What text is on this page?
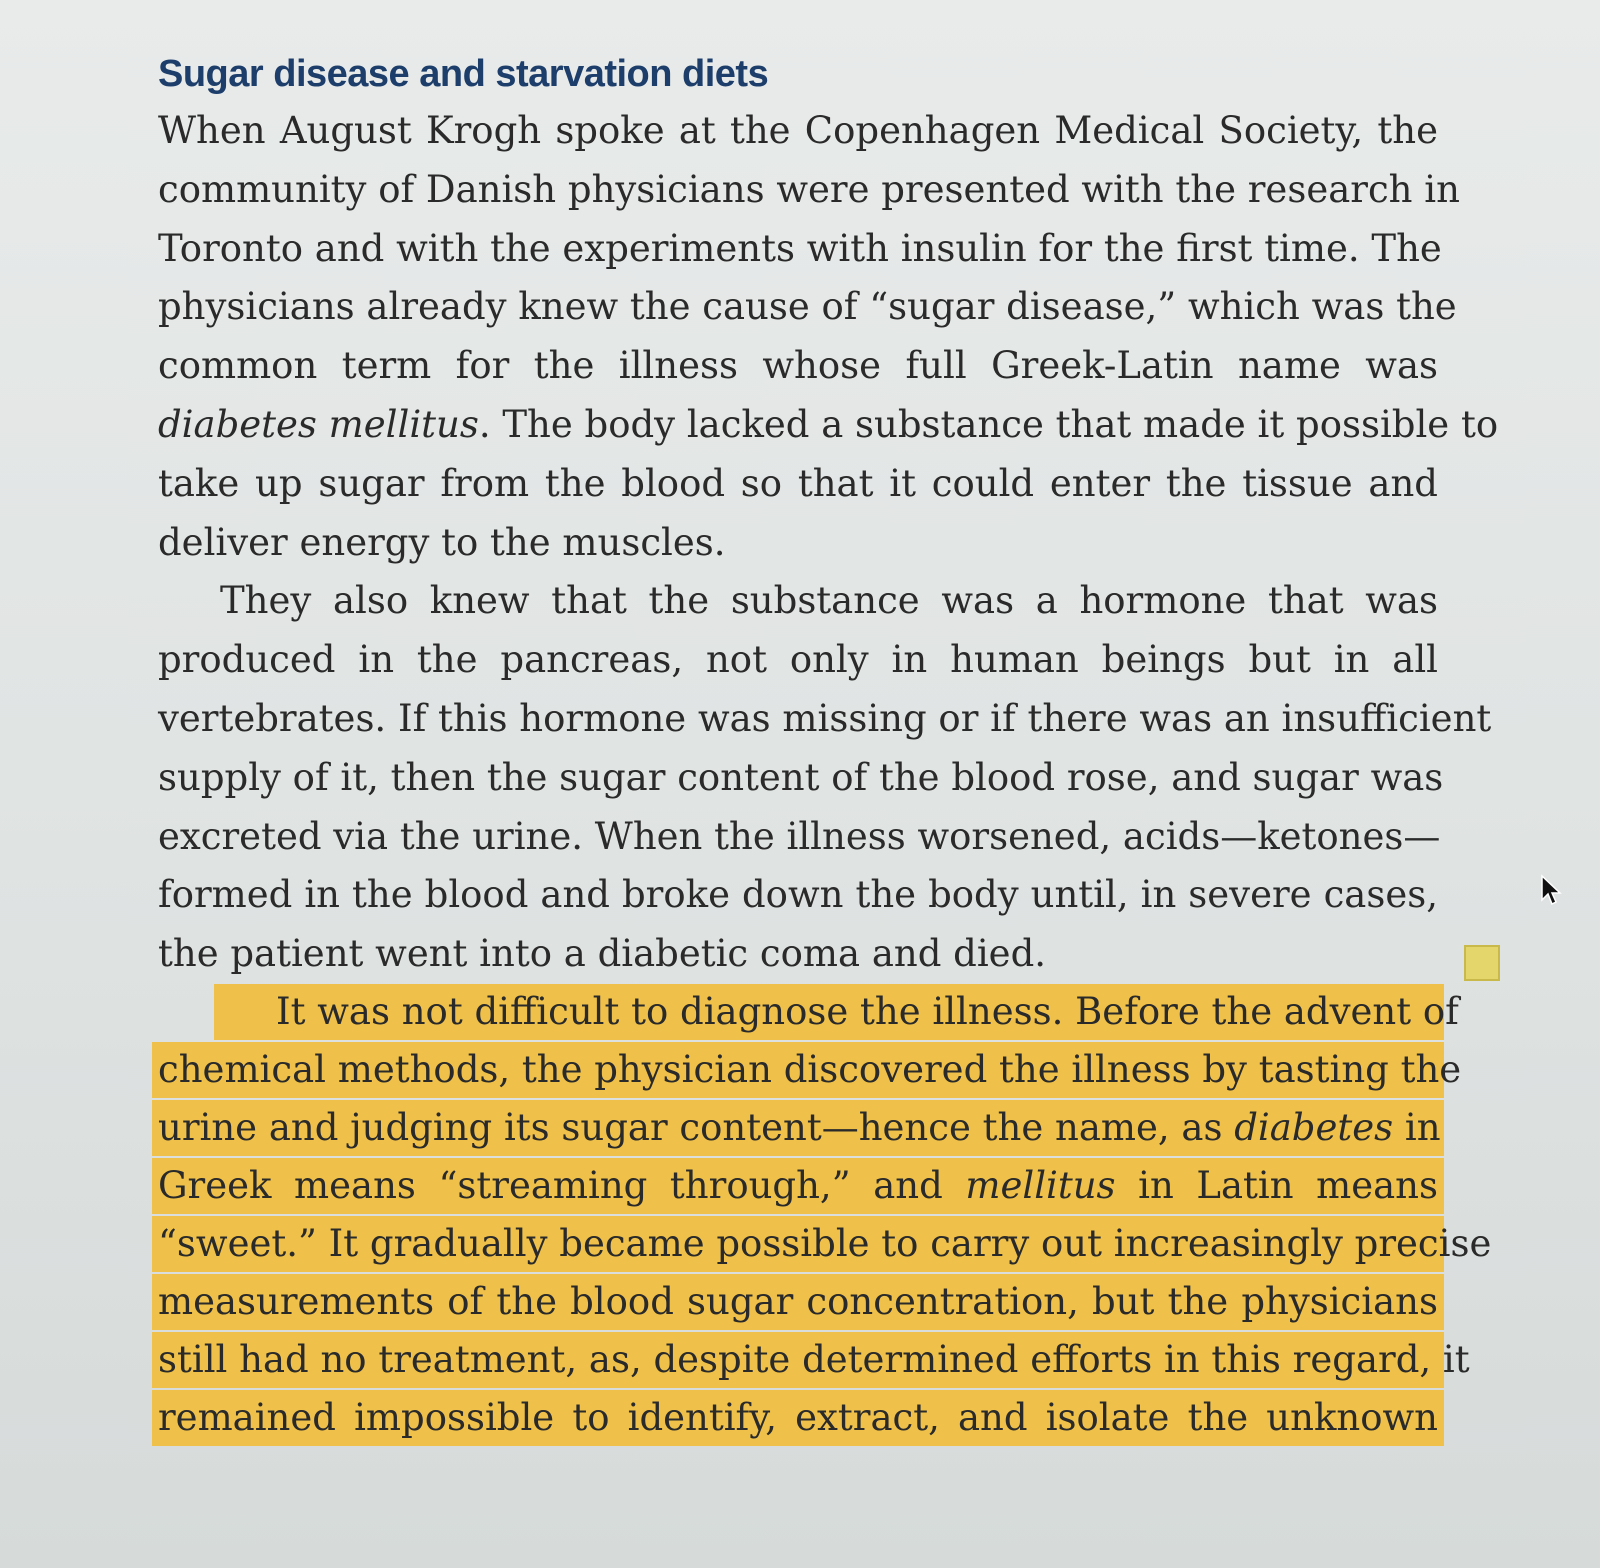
Sugar disease and starvation diets

When August Krogh spoke at the Copenhagen Medical Society, the
community of Danish physicians were presented with the research in
Toronto and with the experiments with insulin for the first time. The
physicians already knew the cause of “sugar disease,” which was the
common term for the illness whose full Greek-Latin name was
diabetes mellitus. The body lacked a substance that made it possible to
take up sugar from the blood so that it could enter the tissue and
deliver energy to the muscles.

They also knew that the substance was a hormone that was
produced in the pancreas, not only in human beings but in all
vertebrates. If this hormone was missing or if there was an insufficient
supply of it, then the sugar content of the blood rose, and sugar was
excreted via the urine. When the illness worsened, acids—ketones—
formed in the blood and broke down the body until, in severe cases,
the patient went into a diabetic coma and died.

It was not difficult to diagnose the illness. Before the advent of
chemical methods, the physician discovered the illness by tasting the
urine and judging its sugar content—hence the name, as diabetes in
Greek means “streaming through,” and mellitus in Latin means
“sweet.” It gradually became possible to carry out increasingly precise
measurements of the blood sugar concentration, but the physicians
still had no treatment, as, despite determined efforts in this regard, it
remained impossible to identify, extract, and isolate the unknown
